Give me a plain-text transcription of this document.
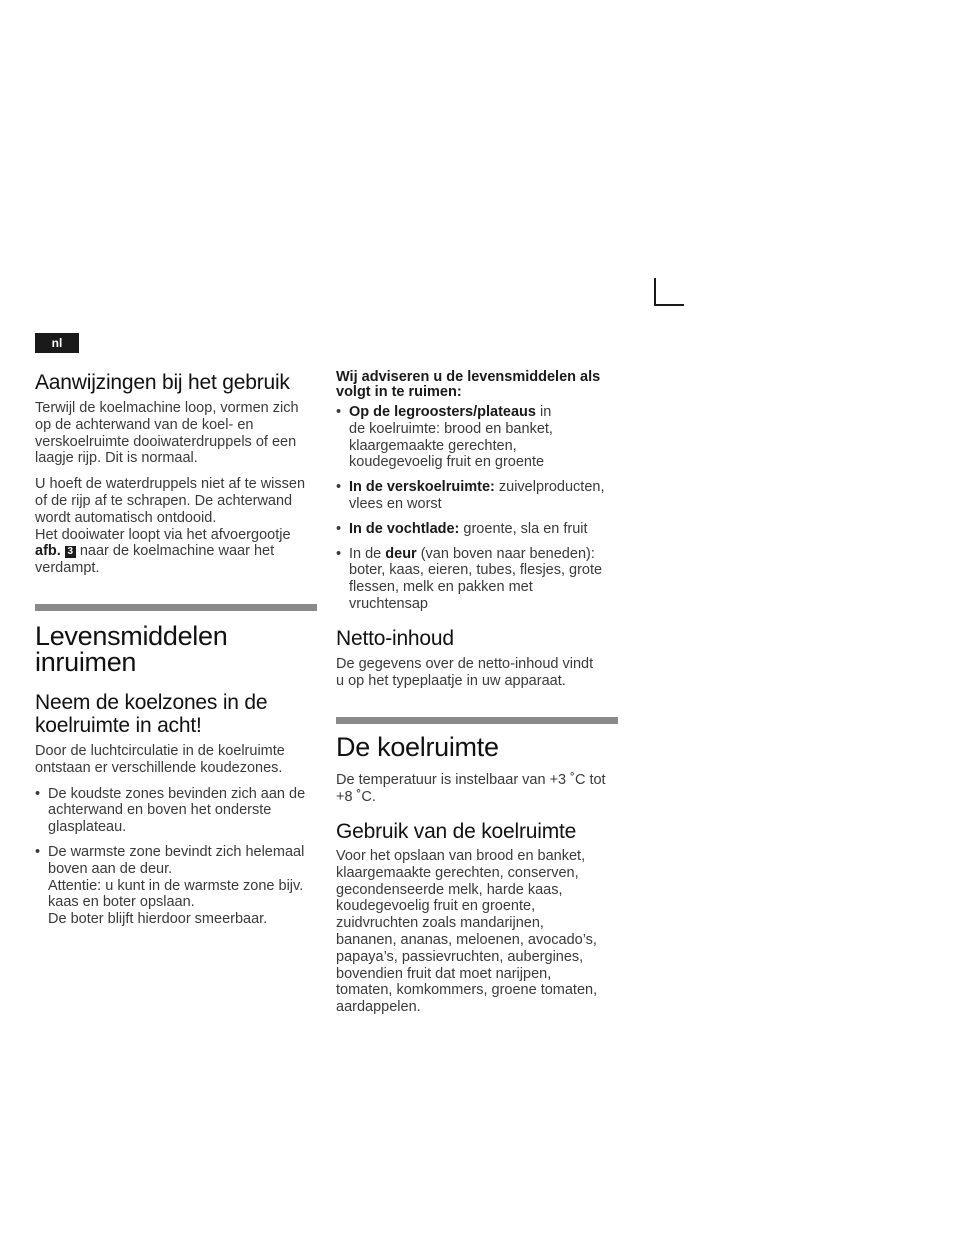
nl
Aanwijzingen bij het gebruik

Terwijl de koelmachine loop, vormen zich

op de achterwand van de koel- en

verskoelruimte dooiwaterdruppels of een

laagje rijp. Dit is normaal.

U hoeft de waterdruppels niet af te wissen

of de rijp af te schrapen. De achterwand

wordt automatisch ontdooid.

Het dooiwater loopt via het afvoergootje

afb. 3 naar de koelmachine waar het

verdampt.

Levensmiddelen
inruimen
Neem de koelzones in de
koelruimte in acht!

Door de luchtcirculatie in de koelruimte

ontstaan er verschillende koudezones.

• De koudste zones bevinden zich aan de
achterwand en boven het onderste
glasplateau.
• De warmste zone bevindt zich helemaal
boven aan de deur.
Attentie: u kunt in de warmste zone bijv.
kaas en boter opslaan.
De boter blijft hierdoor smeerbaar.

Wij adviseren u de levensmiddelen als
volgt in te ruimen:

• Op de legroosters/plateaus in
de koelruimte: brood en banket,
klaargemaakte gerechten,
koudegevoelig fruit en groente
• In de verskoelruimte: zuivelproducten,
vlees en worst
• In de vochtlade: groente, sla en fruit
• In de deur (van boven naar beneden):
boter, kaas, eieren, tubes, flesjes, grote
flessen, melk en pakken met
vruchtensap
Netto-inhoud

De gegevens over de netto-inhoud vindt

u op het typeplaatje in uw apparaat.

De koelruimte

De temperatuur is instelbaar van +3 ˚C tot

+8 ˚C.

Gebruik van de koelruimte

Voor het opslaan van brood en banket,

klaargemaakte gerechten, conserven,

gecondenseerde melk, harde kaas,

koudegevoelig fruit en groente,

zuidvruchten zoals mandarijnen,

bananen, ananas, meloenen, avocado’s,

papaya’s, passievruchten, aubergines,

bovendien fruit dat moet narijpen,

tomaten, komkommers, groene tomaten,

aardappelen.
